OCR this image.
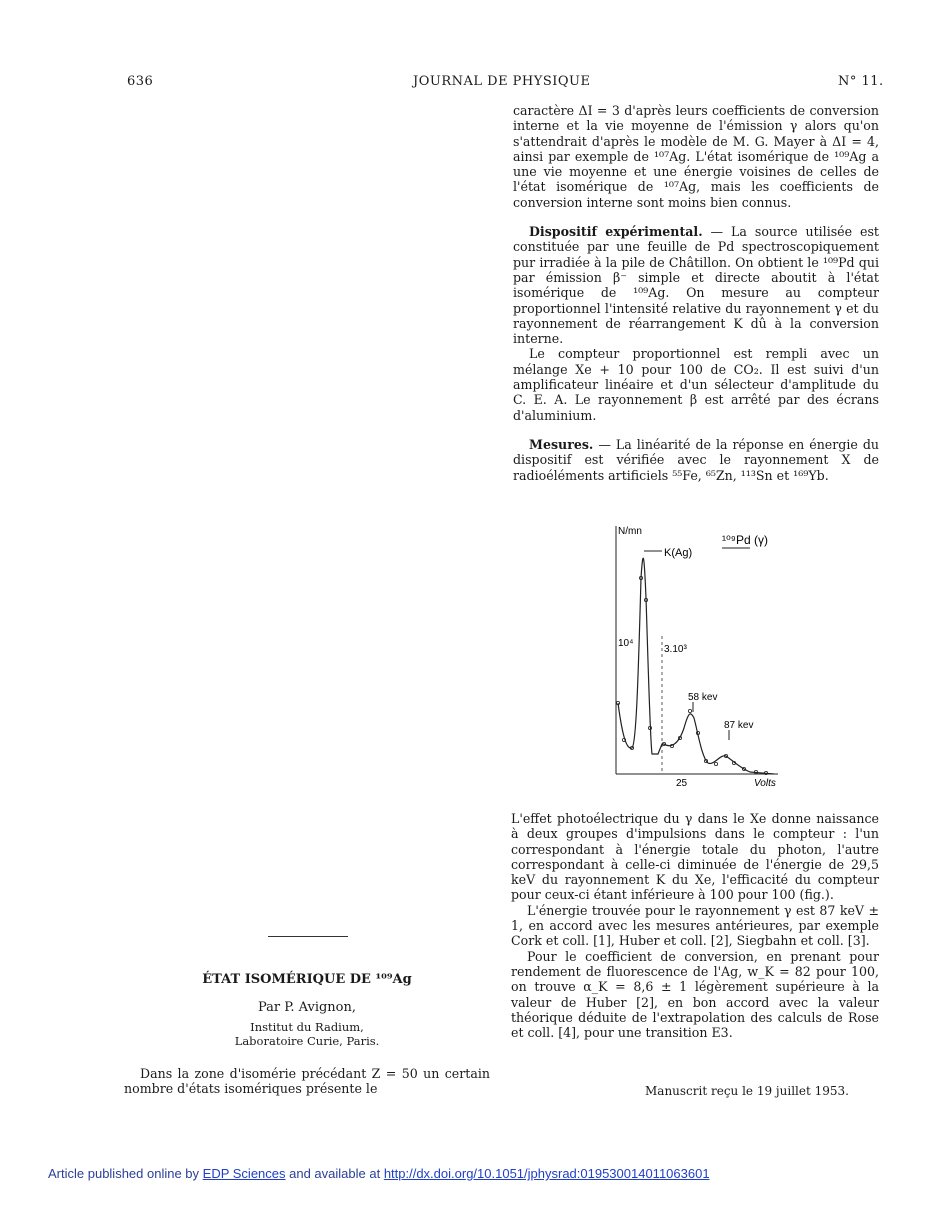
636	JOURNAL DE PHYSIQUE	N° 11.

caractère ΔI = 3 d'après leurs coefficients de conversion interne et la vie moyenne de l'émission γ alors qu'on s'attendrait d'après le modèle de M. G. Mayer à ΔI = 4, ainsi par exemple de ¹⁰⁷Ag. L'état isomérique de ¹⁰⁹Ag a une vie moyenne et une énergie voisines de celles de l'état isomérique de ¹⁰⁷Ag, mais les coefficients de conversion interne sont moins bien connus.

Dispositif expérimental. — La source utilisée est constituée par une feuille de Pd spectroscopiquement pur irradiée à la pile de Châtillon. On obtient le ¹⁰⁹Pd qui par émission β⁻ simple et directe aboutit à l'état isomérique de ¹⁰⁹Ag. On mesure au compteur proportionnel l'intensité relative du rayonnement γ et du rayonnement de réarrangement K dû à la conversion interne.

Le compteur proportionnel est rempli avec un mélange Xe + 10 pour 100 de CO₂. Il est suivi d'un amplificateur linéaire et d'un sélecteur d'amplitude du C. E. A. Le rayonnement β est arrêté par des écrans d'aluminium.

Mesures. — La linéarité de la réponse en énergie du dispositif est vérifiée avec le rayonnement X de radioéléments artificiels ⁵⁵Fe, ⁶⁵Zn, ¹¹³Sn et ¹⁶⁹Yb.

¹⁰⁹Pd (γ)
N/mn
K(Ag)
10⁴
3.10³
58 kev
87 kev
25	Volts

L'effet photoélectrique du γ dans le Xe donne naissance à deux groupes d'impulsions dans le compteur : l'un correspondant à l'énergie totale du photon, l'autre correspondant à celle-ci diminuée de l'énergie de 29,5 keV du rayonnement K du Xe, l'efficacité du compteur pour ceux-ci étant inférieure à 100 pour 100 (fig.).

L'énergie trouvée pour le rayonnement γ est 87 keV ± 1, en accord avec les mesures antérieures, par exemple Cork et coll. [1], Huber et coll. [2], Siegbahn et coll. [3].

Pour le coefficient de conversion, en prenant pour rendement de fluorescence de l'Ag, w_K = 82 pour 100, on trouve α_K = 8,6 ± 1 légèrement supérieure à la valeur de Huber [2], en bon accord avec la valeur théorique déduite de l'extrapolation des calculs de Rose et coll. [4], pour une transition E3.

Manuscrit reçu le 19 juillet 1953.
ÉTAT ISOMÉRIQUE DE ¹⁰⁹Ag
Par P. Avignon,
Institut du Radium,
Laboratoire Curie, Paris.

Dans la zone d'isomérie précédant Z = 50 un certain nombre d'états isomériques présente le

Article published online by EDP Sciences and available at http://dx.doi.org/10.1051/jphysrad:019530014011063601
